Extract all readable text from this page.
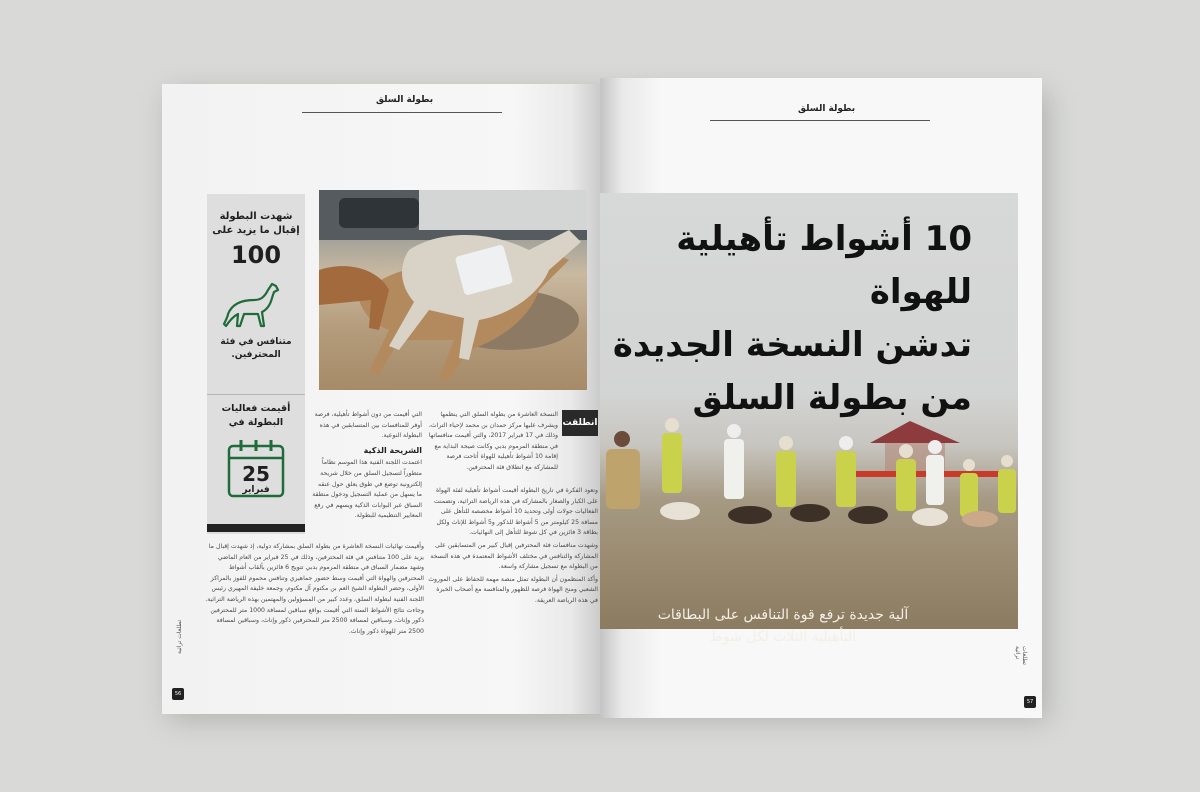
بطولة السلق
شهدت البطولة إقبال ما يزيد على
100
متنافس في فئة المحترفين.
أقيمت فعاليات البطولة في
25
فبراير
انطلقت

النسخة العاشرة من بطولة السلق التي ينظمها ويشرف عليها مركز حمدان بن محمد لإحياء التراث، وذلك في 17 فبراير 2017، والتي أقيمت منافساتها في منطقة المرموم بدبي وكانت صيحة البداية مع إقامة 10 أشواط تأهيلية للهواة أتاحت فرصة للمشاركة مع انطلاق فئة المحترفين.

وتعود الفكرة في تاريخ البطولة أقيمت أشواط تأهيلية لفئة الهواة على الكبار والصغار بالمشاركة في هذه الرياضة التراثية، وتضمنت الفعاليات جولات أولى وتحديد 10 أشواط مخصصة للتأهل على مسافة 25 كيلومتر من 5 أشواط للذكور و5 أشواط للإناث ولكل بطاقة 3 فائزين في كل شوط للتأهل إلى النهائيات.

وشهدت منافسات فئة المحترفين إقبال كبير من المتسابقين على المشاركة والتنافس في مختلف الأشواط المعتمدة في هذه النسخة من البطولة مع تسجيل مشاركة واسعة.

وأكد المنظمون أن البطولة تمثل منصة مهمة للحفاظ على الموروث الشعبي ومنح الهواة فرصة للظهور والمنافسة مع أصحاب الخبرة في هذه الرياضة العريقة.

التي أقيمت من دون أشواط تأهيلية، فرصة أوفر للمنافسات بين المتسابقين في هذه البطولة النوعية.

الشريحة الذكية

اعتمدت اللجنة الفنية هذا الموسم نظاماً متطوراً لتسجيل السلق من خلال شريحة إلكترونية توضع في طوق يعلق حول عنقه ما يسهل من عملية التسجيل ودخول منطقة السباق عبر البوابات الذكية ويسهم في رفع المعايير التنظيمية للبطولة.

وأقيمت نهائيات النسخة العاشرة من بطولة السلق بمشاركة دولية، إذ شهدت إقبال ما يزيد على 100 متنافس في فئة المحترفين، وذلك في 25 فبراير من العام الماضي وشهد مضمار السباق في منطقة المرموم بدبي تتويج 6 فائزين بألقاب أشواط المحترفين والهواة التي أقيمت وسط حضور جماهيري وتنافس محموم للفوز بالمراكز الأولى، وحضر البطولة الشيخ العم بن مكتوم آل مكتوم، وجمعة خليفة المهيري رئيس اللجنة الفنية لبطولة السلق، وعدد كبير من المسؤولين والمهتمين بهذه الرياضة التراثية. وجاءت نتائج الأشواط الستة التي أقيمت بواقع سباقين لمسافة 1000 متر للمحترفين ذكور وإناث، وسباقين لمسافة 2500 متر للمحترفين ذكور وإناث، وسباقين لمسافة 2500 متر للهواة ذكور وإناث.

تطلعات تراثية
56
بطولة السلق
10 أشواط تأهيلية للهواة
تدشن النسخة الجديدة
من بطولة السلق
آلية جديدة ترفع قوة التنافس على البطاقات التأهيلية الثلاث لكل شوط
تطلعات تراثية
57
